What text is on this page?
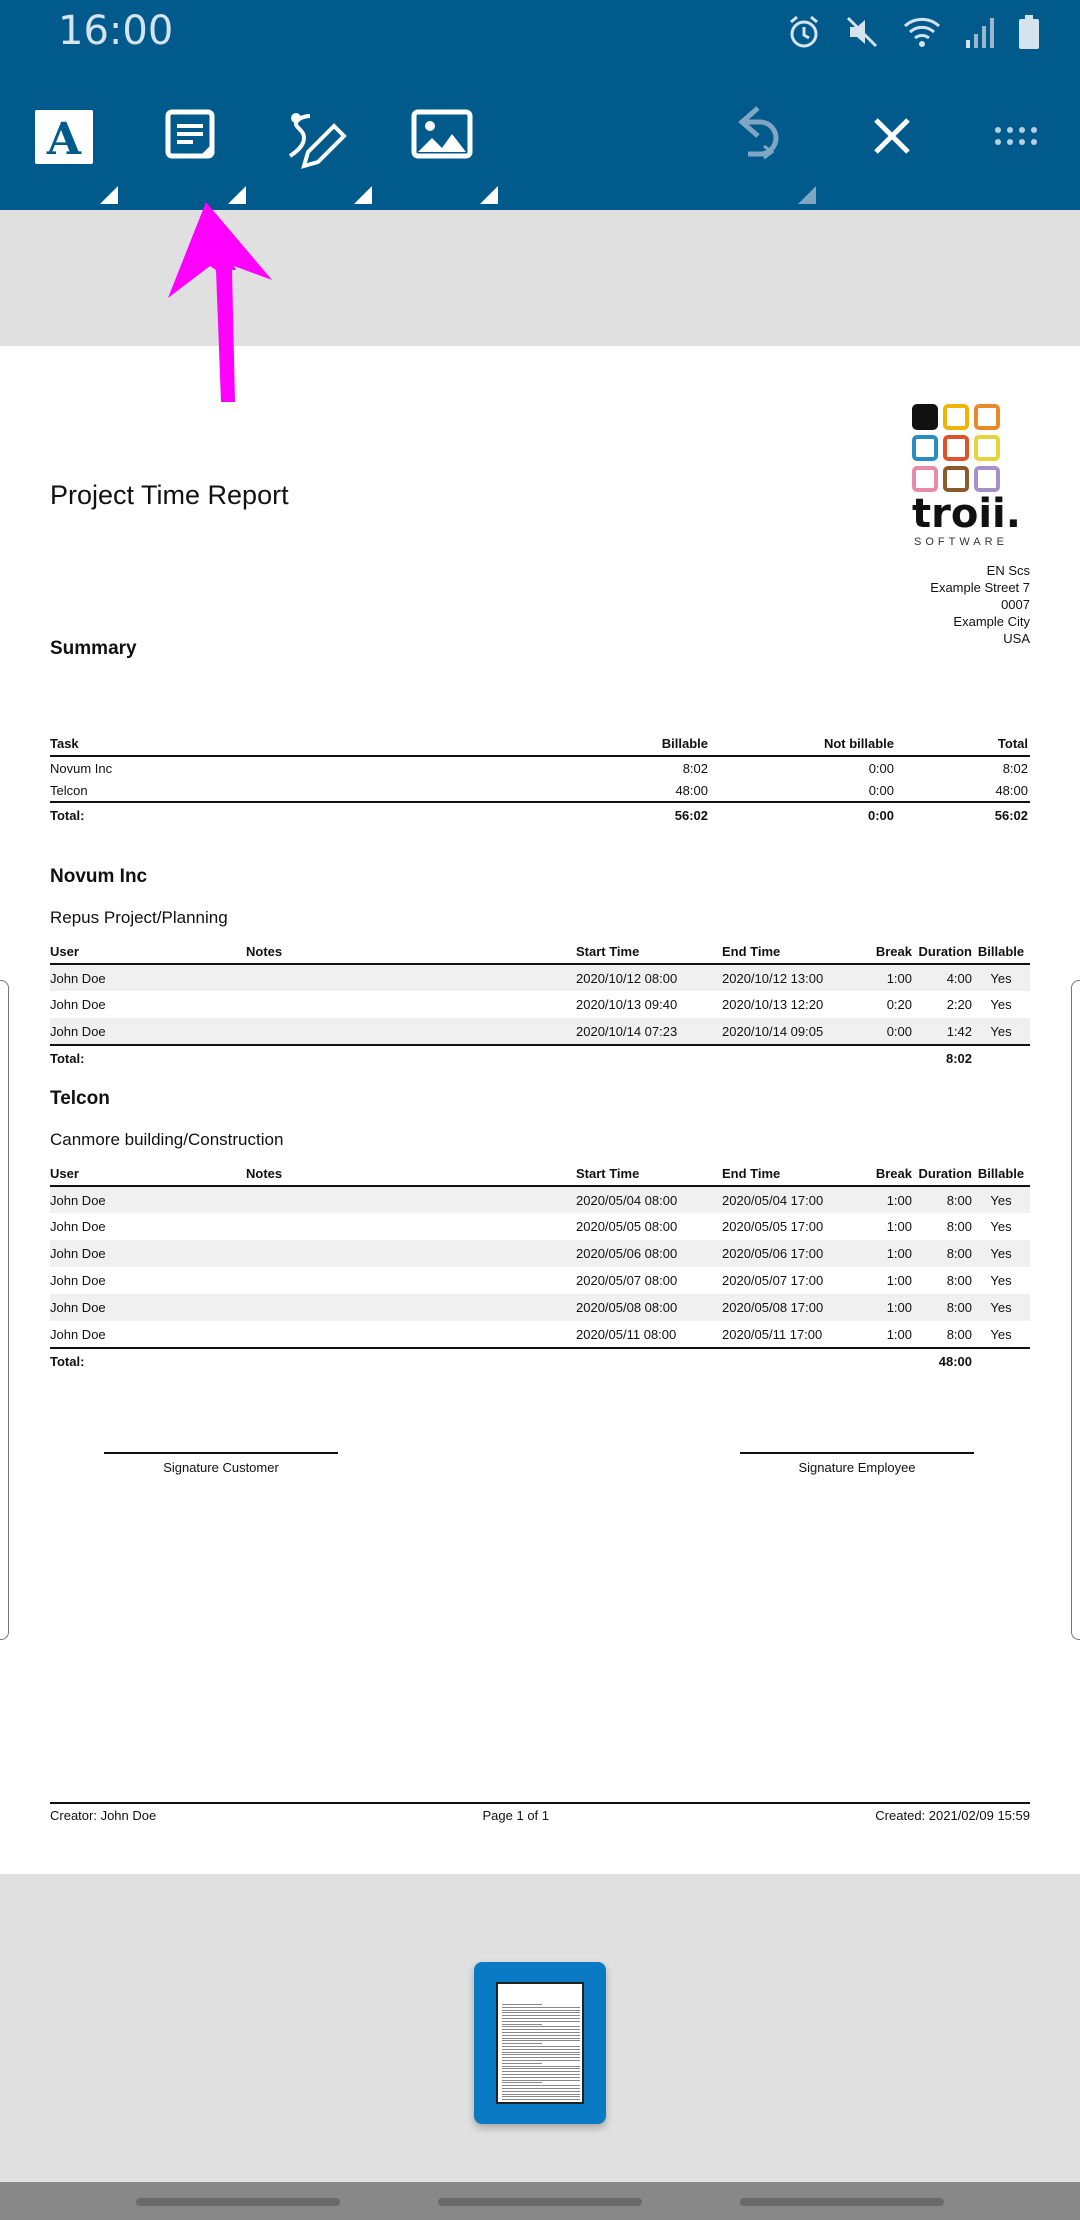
16:00
A
Project Time Report	troii.
SOFTWARE
EN Scs
Example Street 7
0007
Example City
USA
Summary
Task	Billable	Not billable	Total
Novum Inc	8:02	0:00	8:02
Telcon	48:00	0:00	48:00
Total:	56:02	0:00	56:02
Novum Inc
Repus Project/Planning
User	Notes	Start Time	End Time	Break	Duration	Billable
John Doe		2020/10/12 08:00	2020/10/12 13:00	1:00	4:00	Yes
John Doe		2020/10/13 09:40	2020/10/13 12:20	0:20	2:20	Yes
John Doe		2020/10/14 07:23	2020/10/14 09:05	0:00	1:42	Yes
Total:					8:02	
Telcon
Canmore building/Construction
User	Notes	Start Time	End Time	Break	Duration	Billable
John Doe		2020/05/04 08:00	2020/05/04 17:00	1:00	8:00	Yes
John Doe		2020/05/05 08:00	2020/05/05 17:00	1:00	8:00	Yes
John Doe		2020/05/06 08:00	2020/05/06 17:00	1:00	8:00	Yes
John Doe		2020/05/07 08:00	2020/05/07 17:00	1:00	8:00	Yes
John Doe		2020/05/08 08:00	2020/05/08 17:00	1:00	8:00	Yes
John Doe		2020/05/11 08:00	2020/05/11 17:00	1:00	8:00	Yes
Total:					48:00	
Signature Customer	Signature Employee
Creator: John Doe	Page 1 of 1	Created: 2021/02/09 15:59
